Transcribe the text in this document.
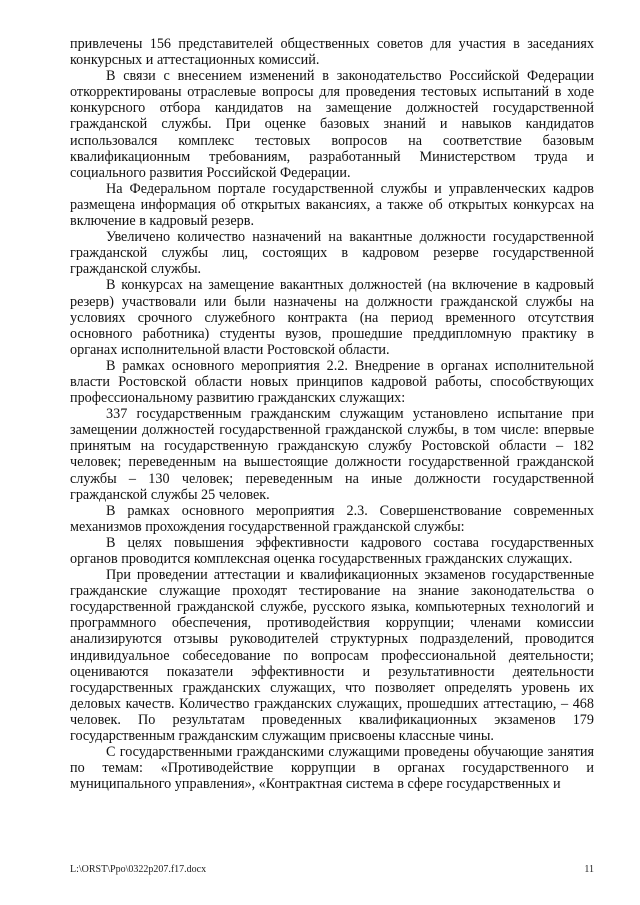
привлечены 156 представителей общественных советов для участия в заседаниях конкурсных и аттестационных комиссий.

В связи с внесением изменений в законодательство Российской Федерации откорректированы отраслевые вопросы для проведения тестовых испытаний в ходе конкурсного отбора кандидатов на замещение должностей государственной гражданской службы. При оценке базовых знаний и навыков кандидатов использовался комплекс тестовых вопросов на соответствие базовым квалификационным требованиям, разработанный Министерством труда и социального развития Российской Федерации.

На Федеральном портале государственной службы и управленческих кадров размещена информация об открытых вакансиях, а также об открытых конкурсах на включение в кадровый резерв.

Увеличено количество назначений на вакантные должности государственной гражданской службы лиц, состоящих в кадровом резерве государственной гражданской службы.

В конкурсах на замещение вакантных должностей (на включение в кадровый резерв) участвовали или были назначены на должности гражданской службы на условиях срочного служебного контракта (на период временного отсутствия основного работника) студенты вузов, прошедшие преддипломную практику в органах исполнительной власти Ростовской области.

В рамках основного мероприятия 2.2. Внедрение в органах исполнительной власти Ростовской области новых принципов кадровой работы, способствующих профессиональному развитию гражданских служащих:

337 государственным гражданским служащим установлено испытание при замещении должностей государственной гражданской службы, в том числе: впервые принятым на государственную гражданскую службу Ростовской области – 182 человек; переведенным на вышестоящие должности государственной гражданской службы – 130 человек; переведенным на иные должности государственной гражданской службы 25 человек.

В рамках основного мероприятия 2.3. Совершенствование современных механизмов прохождения государственной гражданской службы:

В целях повышения эффективности кадрового состава государственных органов проводится комплексная оценка государственных гражданских служащих.

При проведении аттестации и квалификационных экзаменов государственные гражданские служащие проходят тестирование на знание законодательства о государственной гражданской службе, русского языка, компьютерных технологий и программного обеспечения, противодействия коррупции; членами комиссии анализируются отзывы руководителей структурных подразделений, проводится индивидуальное собеседование по вопросам профессиональной деятельности; оцениваются показатели эффективности и результативности деятельности государственных гражданских служащих, что позволяет определять уровень их деловых качеств. Количество гражданских служащих, прошедших аттестацию, – 468 человек. По результатам проведенных квалификационных экзаменов 179 государственным гражданским служащим присвоены классные чины.

С государственными гражданскими служащими проведены обучающие занятия по темам: «Противодействие коррупции в органах государственного и муниципального управления», «Контрактная система в сфере государственных и

L:\ORST\Ppo\0322p207.f17.docx	11
